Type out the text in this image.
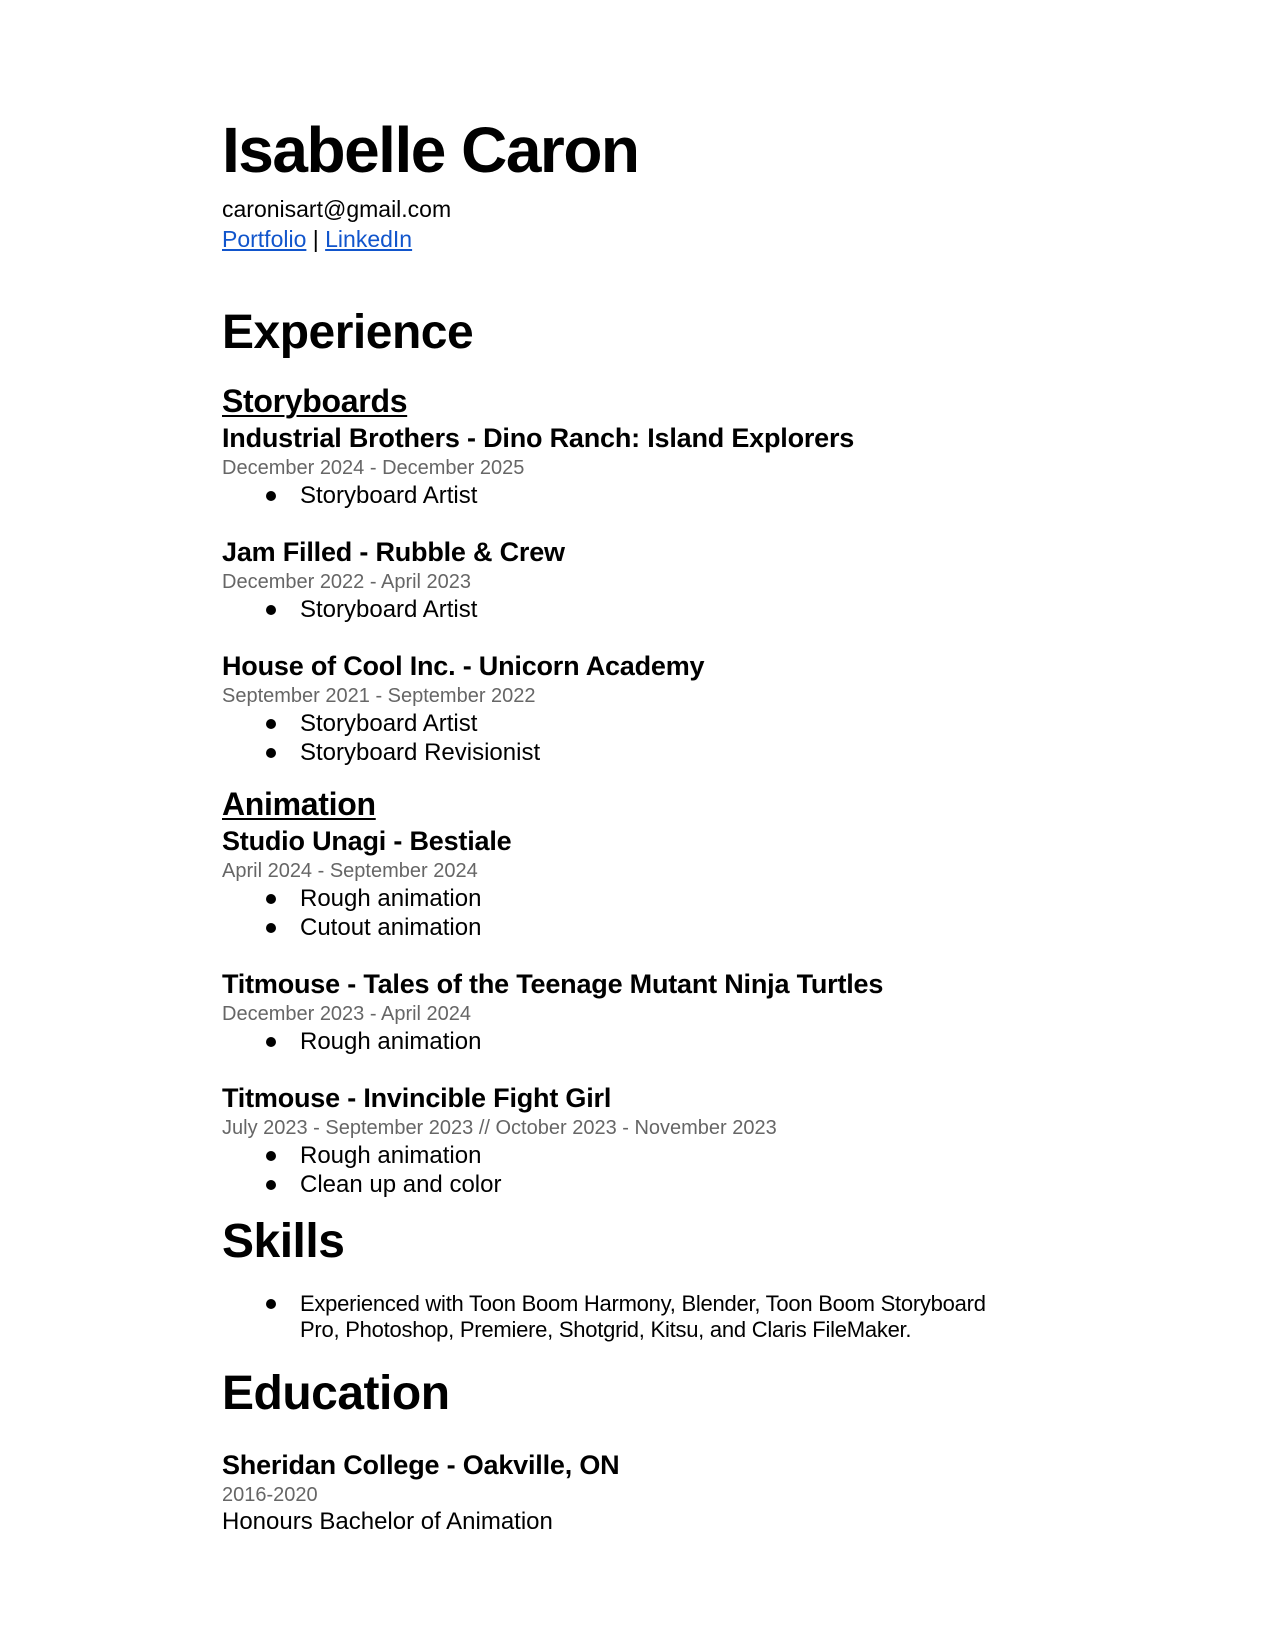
Isabelle Caron

caronisart@gmail.com

Portfolio | LinkedIn

Experience
Storyboards

Industrial Brothers - Dino Ranch: Island Explorers

December 2024 - December 2025

Storyboard Artist

Jam Filled - Rubble & Crew

December 2022 - April 2023

Storyboard Artist

House of Cool Inc. - Unicorn Academy

September 2021 - September 2022

Storyboard Artist
Storyboard Revisionist
Animation

Studio Unagi - Bestiale

April 2024 - September 2024

Rough animation
Cutout animation

Titmouse - Tales of the Teenage Mutant Ninja Turtles

December 2023 - April 2024

Rough animation

Titmouse - Invincible Fight Girl

July 2023 - September 2023 // October 2023 - November 2023

Rough animation
Clean up and color
Skills
Experienced with Toon Boom Harmony, Blender, Toon Boom Storyboard Pro, Photoshop, Premiere, Shotgrid, Kitsu, and Claris FileMaker.
Education

Sheridan College - Oakville, ON

2016-2020

Honours Bachelor of Animation
